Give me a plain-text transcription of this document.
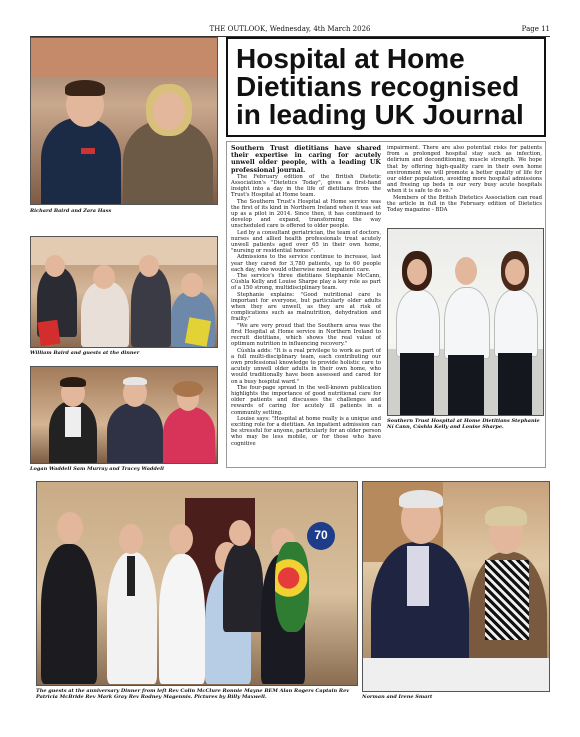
THE OUTLOOK, Wednesday, 4th March 2026	Page 11
Richard Baird and Zara Hass
William Baird and guests at the dinner
Logan Waddell Sam Murray and Tracey Waddell
Hospital at Home
Dietitians recognised
in leading UK Journal

Southern Trust dietitians have shared their expertise in caring for acutely unwell older people, with a leading UK professional journal.

The February edition of the British Dietetic Association's "Dietetics Today", gives a first-hand insight into a day in the life of dietitians from the Trust's Hospital at Home team.

The Southern Trust's Hospital at Home service was the first of its kind in Northern Ireland when it was set up as a pilot in 2014. Since then, it has continued to develop and expand, transforming the way unscheduled care is offered to older people.

Led by a consultant geriatrician, the team of doctors, nurses and allied health professionals treat acutely unwell patients aged over 65 in their own home, "nursing or residential homes".

Admissions to the service continue to increase, last year they cared for 3,780 patients, up to 60 people each day, who would otherwise need inpatient care.

The service's three dietitians Stephanie McCann, Cúshla Kelly and Louise Sharpe play a key role as part of a 150 strong, multidisciplinary team.

Stephanie explains: "Good nutritional care is important for everyone, but particularly older adults when they are unwell, as they are at risk of complications such as malnutrition, dehydration and frailty."

"We are very proud that the Southern area was the first Hospital at Home service in Northern Ireland to recruit dietitians, which shows the real value of optimum nutrition in influencing recovery."

Cúshla adds: "It is a real privilege to work as part of a full multi-disciplinary team, each contributing our own professional knowledge to provide holistic care to acutely unwell older adults in their own home, who would traditionally have been assessed and cared for on a busy hospital ward."

The four-page spread in the well-known publication highlights the importance of good nutritional care for older patients and discusses the challenges and rewards of caring for acutely ill patients in a community setting.

Louise says: "Hospital at home really is a unique and exciting role for a dietitian. An inpatient admission can be stressful for anyone, particularly for an older person who may be less mobile, or for those who have cognitive

impairment. There are also potential risks for patients from a prolonged hospital stay such as infection, delirium and deconditioning, muscle strength. We hope that by offering high-quality care in their own home environment we will promote a better quality of life for our older population, avoiding more hospital admissions and freeing up beds in our very busy acute hospitals when it is safe to do so."

Members of the British Dietetics Association can read the article in full in the February edition of Dietetics Today magazine - BDA

Southern Trust Hospital at Home Dietitians Stephanie Ní Cann, Cúshla Kelly and Louise Sharpe.
70
The guests at the anniversary Dinner from left Rev Colin McClure Ronnie Mayne BEM Alan Rogers Captain Rev Patricia McBride Rev Mark Gray Rev Rodney Magennis. Pictures by Billy Maxwell.	Norman and Irene Smart
